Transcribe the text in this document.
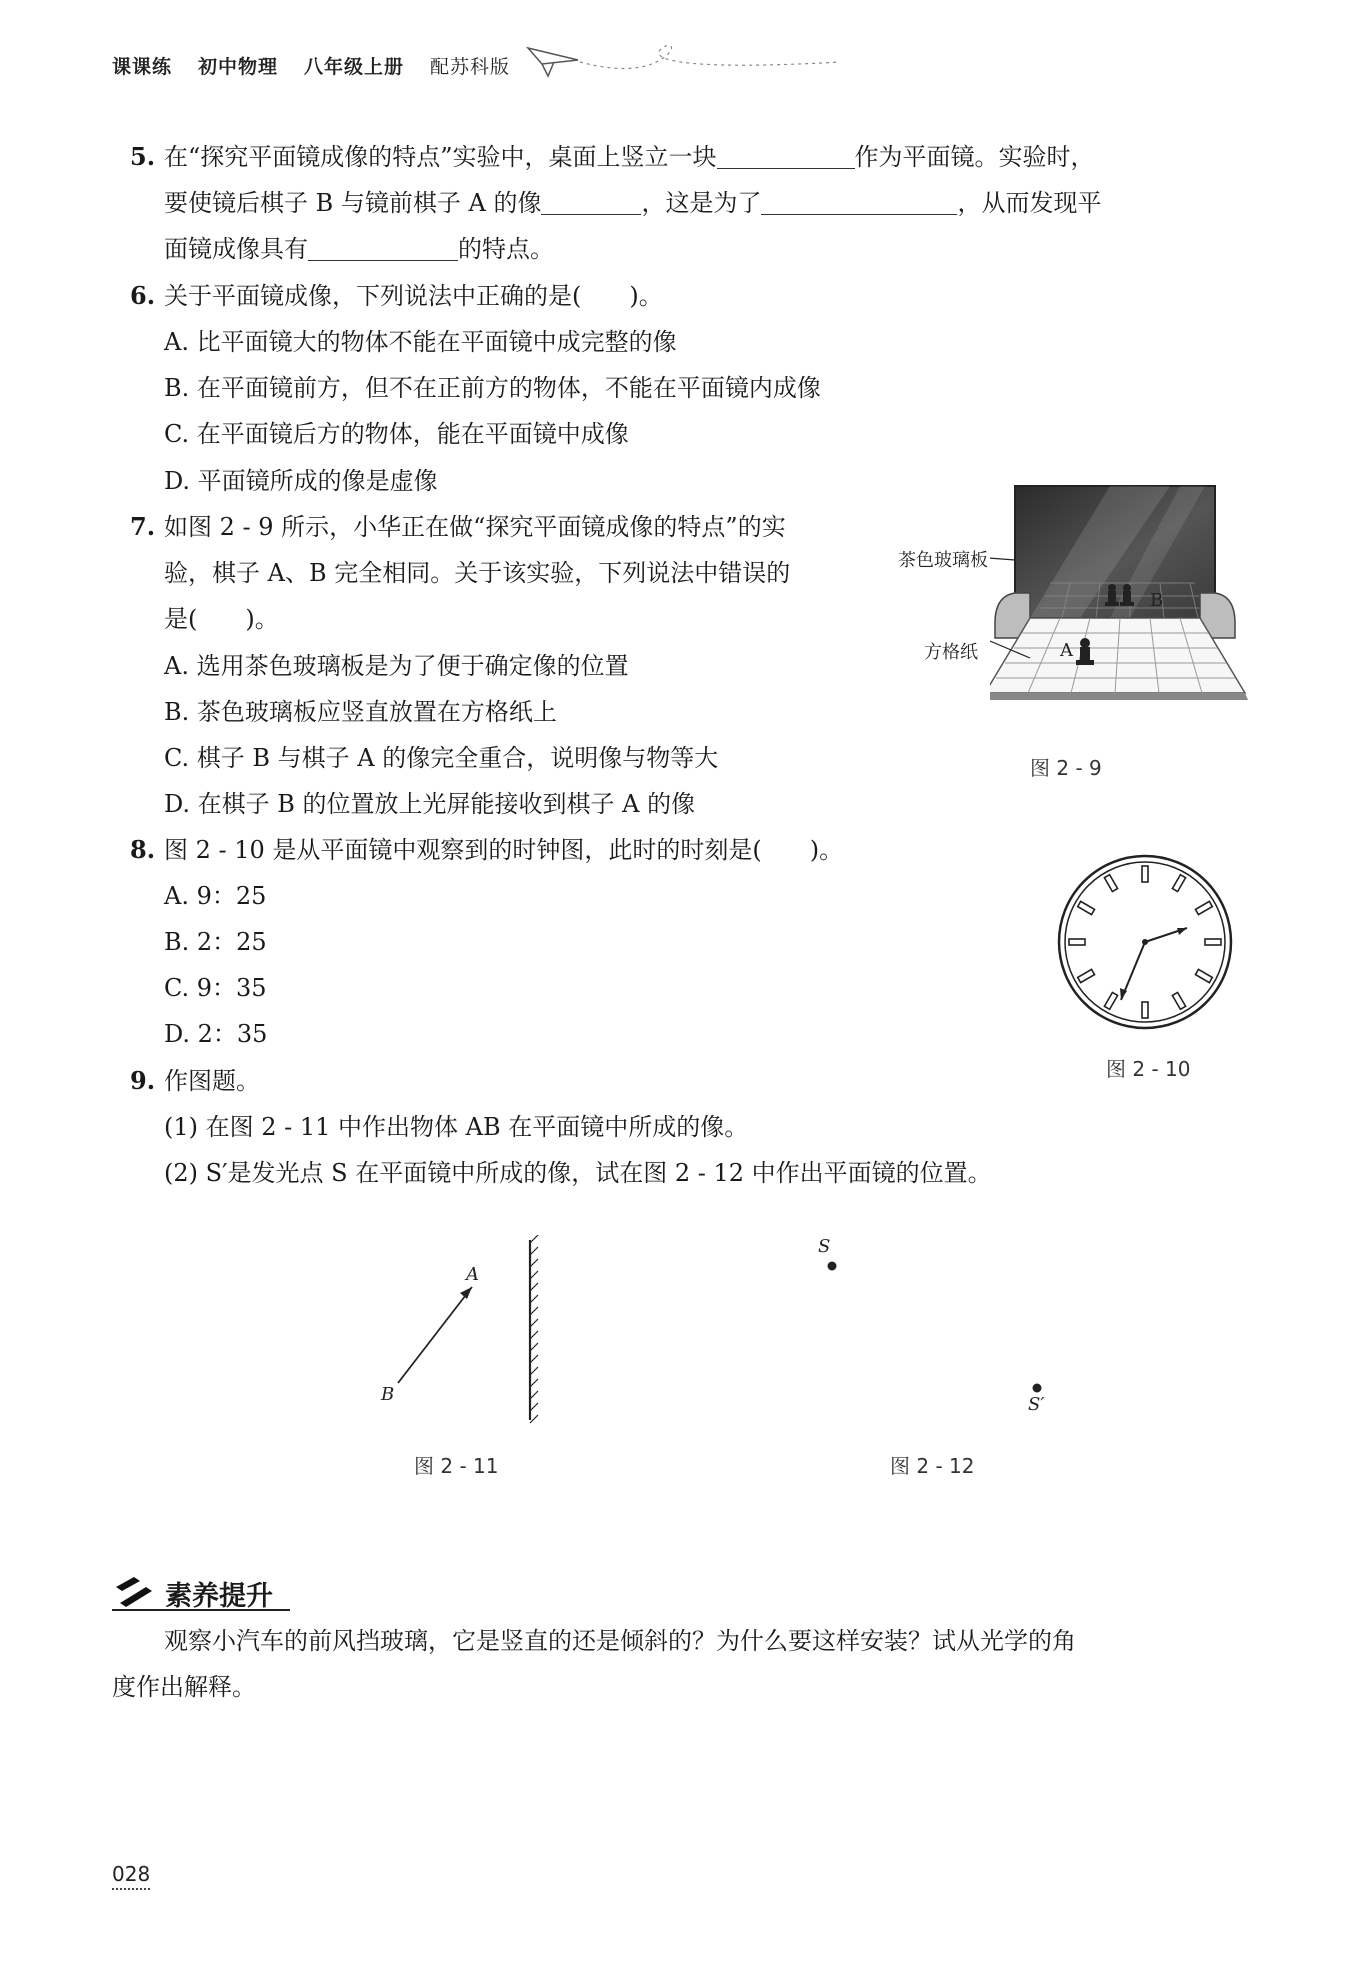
课课练 初中物理 八年级上册 配苏科版
5. 在“探究平面镜成像的特点”实验中，桌面上竖立一块	作为平面镜。实验时，
要使镜后棋子 B 与镜前棋子 A 的像	，这是为了	，从而发现平
面镜成像具有	的特点。
6. 关于平面镜成像，下列说法中正确的是(　　)。
A. 比平面镜大的物体不能在平面镜中成完整的像
B. 在平面镜前方，但不在正前方的物体，不能在平面镜内成像
C. 在平面镜后方的物体，能在平面镜中成像
D. 平面镜所成的像是虚像
7. 如图 2 - 9 所示，小华正在做“探究平面镜成像的特点”的实
验，棋子 A、B 完全相同。关于该实验，下列说法中错误的
是(　　)。
A. 选用茶色玻璃板是为了便于确定像的位置
B. 茶色玻璃板应竖直放置在方格纸上
C. 棋子 B 与棋子 A 的像完全重合，说明像与物等大
D. 在棋子 B 的位置放上光屏能接收到棋子 A 的像
茶色玻璃板
方格纸
B
A
图 2 - 9
8. 图 2 - 10 是从平面镜中观察到的时钟图，此时的时刻是(　　)。
A. 9：25
B. 2：25
C. 9：35
D. 2：35
图 2 - 10
9. 作图题。
(1) 在图 2 - 11 中作出物体 AB 在平面镜中所成的像。
(2) S′是发光点 S 在平面镜中所成的像，试在图 2 - 12 中作出平面镜的位置。
A
B
图 2 - 11
S
S′
图 2 - 12
素养提升
观察小汽车的前风挡玻璃，它是竖直的还是倾斜的？为什么要这样安装？试从光学的角
度作出解释。
028
